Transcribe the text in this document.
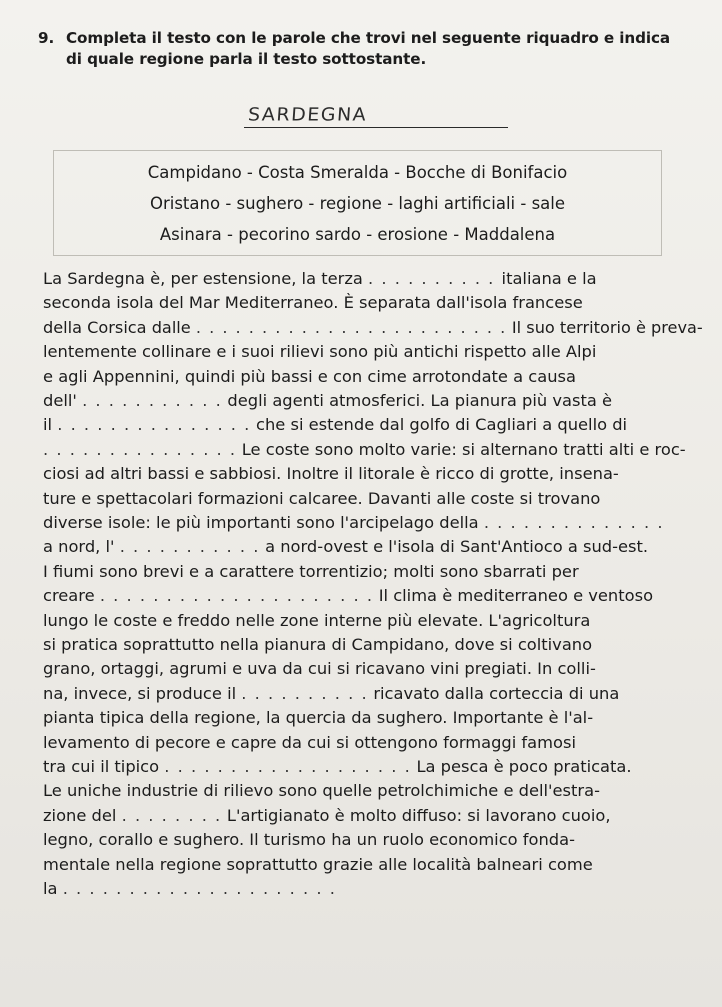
9. Completa il testo con le parole che trovi nel seguente riquadro e indica di quale regione parla il testo sottostante.
SARDEGNA
Campidano - Costa Smeralda - Bocche di Bonifacio
Oristano - sughero - regione - laghi artificiali - sale
Asinara - pecorino sardo - erosione - Maddalena
La Sardegna è, per estensione, la terza . . . . . . . . . . italiana e la
seconda isola del Mar Mediterraneo. È separata dall'isola francese
della Corsica dalle . . . . . . . . . . . . . . . . . . . . . . . . Il suo territorio è preva-
lentemente collinare e i suoi rilievi sono più antichi rispetto alle Alpi
e agli Appennini, quindi più bassi e con cime arrotondate a causa
dell' . . . . . . . . . . . degli agenti atmosferici. La pianura più vasta è
il . . . . . . . . . . . . . . . che si estende dal golfo di Cagliari a quello di
. . . . . . . . . . . . . . . Le coste sono molto varie: si alternano tratti alti e roc-
ciosi ad altri bassi e sabbiosi. Inoltre il litorale è ricco di grotte, insena-
ture e spettacolari formazioni calcaree. Davanti alle coste si trovano
diverse isole: le più importanti sono l'arcipelago della . . . . . . . . . . . . . .
a nord, l' . . . . . . . . . . . a nord-ovest e l'isola di Sant'Antioco a sud-est.
I fiumi sono brevi e a carattere torrentizio; molti sono sbarrati per
creare . . . . . . . . . . . . . . . . . . . . . Il clima è mediterraneo e ventoso
lungo le coste e freddo nelle zone interne più elevate. L'agricoltura
si pratica soprattutto nella pianura di Campidano, dove si coltivano
grano, ortaggi, agrumi e uva da cui si ricavano vini pregiati. In colli-
na, invece, si produce il . . . . . . . . . . ricavato dalla corteccia di una
pianta tipica della regione, la quercia da sughero. Importante è l'al-
levamento di pecore e capre da cui si ottengono formaggi famosi
tra cui il tipico . . . . . . . . . . . . . . . . . . . La pesca è poco praticata.
Le uniche industrie di rilievo sono quelle petrolchimiche e dell'estra-
zione del . . . . . . . . L'artigianato è molto diffuso: si lavorano cuoio,
legno, corallo e sughero. Il turismo ha un ruolo economico fonda-
mentale nella regione soprattutto grazie alle località balneari come
la . . . . . . . . . . . . . . . . . . . . .
